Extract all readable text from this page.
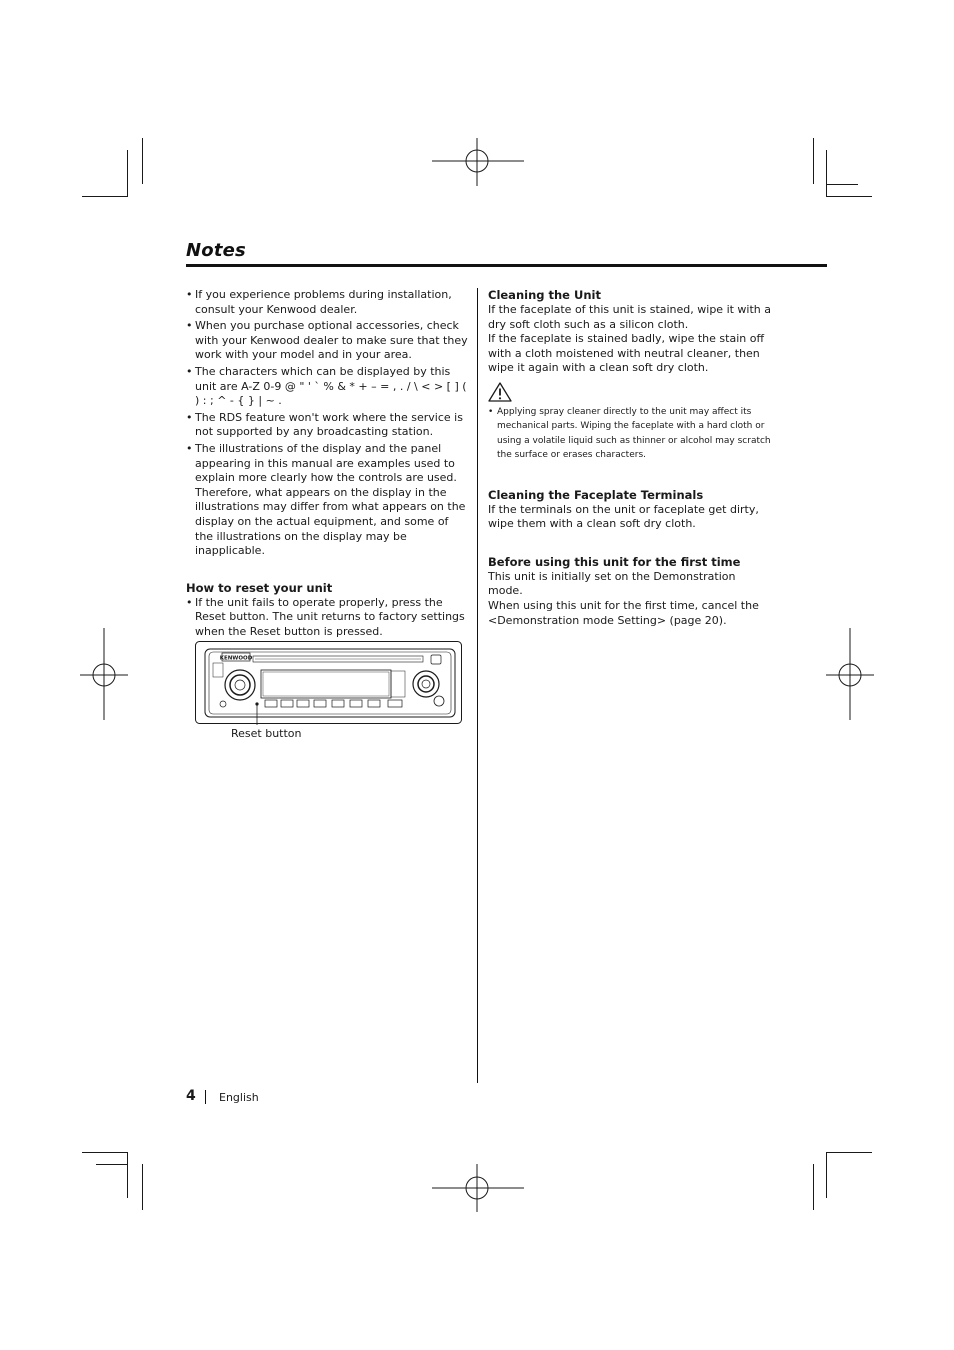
Notes
• If you experience problems during installation, consult your Kenwood dealer.
• When you purchase optional accessories, check with your Kenwood dealer to make sure that they work with your model and in your area.
• The characters which can be displayed by this unit are A-Z 0-9 @ " ' ` % & * + – = , . / \ < > [ ] ( ) : ; ^ - { } | ~ .
• The RDS feature won't work where the service is not supported by any broadcasting station.
• The illustrations of the display and the panel appearing in this manual are examples used to explain more clearly how the controls are used. Therefore, what appears on the display in the illustrations may differ from what appears on the display on the actual equipment, and some of the illustrations on the display may be inapplicable.
How to reset your unit
• If the unit fails to operate properly, press the Reset button. The unit returns to factory settings when the Reset button is pressed.
KENWOOD
Reset button
Cleaning the Unit

If the faceplate of this unit is stained, wipe it with a dry soft cloth such as a silicon cloth.

If the faceplate is stained badly, wipe the stain off with a cloth moistened with neutral cleaner, then wipe it again with a clean soft dry cloth.

• Applying spray cleaner directly to the unit may affect its mechanical parts. Wiping the faceplate with a hard cloth or using a volatile liquid such as thinner or alcohol may scratch the surface or erases characters.
Cleaning the Faceplate Terminals

If the terminals on the unit or faceplate get dirty, wipe them with a clean soft dry cloth.

Before using this unit for the first time

This unit is initially set on the Demonstration mode.

When using this unit for the first time, cancel the <Demonstration mode Setting> (page 20).

4 English
